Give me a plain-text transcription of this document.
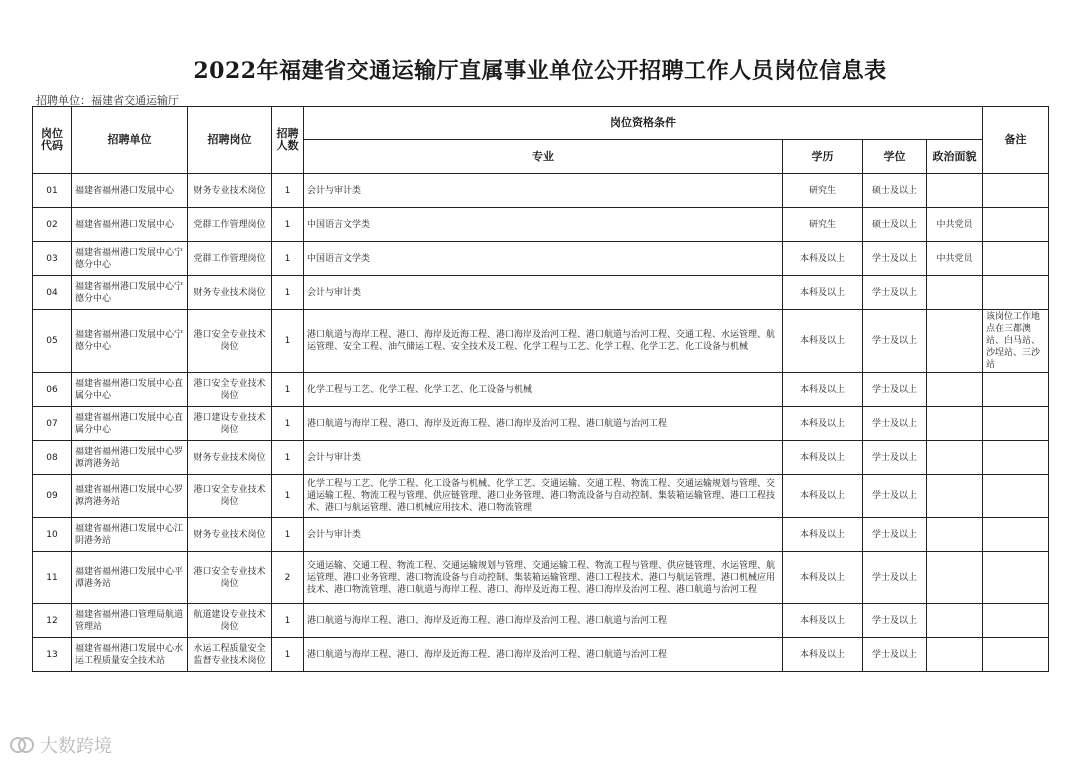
2022年福建省交通运输厅直属事业单位公开招聘工作人员岗位信息表
招聘单位：福建省交通运输厅
岗位代码	招聘单位	招聘岗位	招聘人数	岗位资格条件				备注
				专业	学历	学位	政治面貌	
01	福建省福州港口发展中心	财务专业技术岗位	1	会计与审计类	研究生	硕士及以上		
02	福建省福州港口发展中心	党群工作管理岗位	1	中国语言文学类	研究生	硕士及以上	中共党员	
03	福建省福州港口发展中心宁德分中心	党群工作管理岗位	1	中国语言文学类	本科及以上	学士及以上	中共党员	
04	福建省福州港口发展中心宁德分中心	财务专业技术岗位	1	会计与审计类	本科及以上	学士及以上		
05	福建省福州港口发展中心宁德分中心	港口安全专业技术岗位	1	港口航道与海岸工程、港口、海岸及近海工程、港口海岸及治河工程、港口航道与治河工程、交通工程、水运管理、航运管理、安全工程、油气储运工程、安全技术及工程、化学工程与工艺、化学工程、化学工艺、化工设备与机械	本科及以上	学士及以上		该岗位工作地点在三都澳站、白马站、沙埕站、三沙站
06	福建省福州港口发展中心直属分中心	港口安全专业技术岗位	1	化学工程与工艺、化学工程、化学工艺、化工设备与机械	本科及以上	学士及以上		
07	福建省福州港口发展中心直属分中心	港口建设专业技术岗位	1	港口航道与海岸工程、港口、海岸及近海工程、港口海岸及治河工程、港口航道与治河工程	本科及以上	学士及以上		
08	福建省福州港口发展中心罗源湾港务站	财务专业技术岗位	1	会计与审计类	本科及以上	学士及以上		
09	福建省福州港口发展中心罗源湾港务站	港口安全专业技术岗位	1	化学工程与工艺、化学工程、化工设备与机械、化学工艺、交通运输、交通工程、物流工程、交通运输规划与管理、交通运输工程、物流工程与管理、供应链管理、港口业务管理、港口物流设备与自动控制、集装箱运输管理、港口工程技术、港口与航运管理、港口机械应用技术、港口物流管理	本科及以上	学士及以上		
10	福建省福州港口发展中心江阴港务站	财务专业技术岗位	1	会计与审计类	本科及以上	学士及以上		
11	福建省福州港口发展中心平潭港务站	港口安全专业技术岗位	2	交通运输、交通工程、物流工程、交通运输规划与管理、交通运输工程、物流工程与管理、供应链管理、水运管理、航运管理、港口业务管理、港口物流设备与自动控制、集装箱运输管理、港口工程技术、港口与航运管理、港口机械应用技术、港口物流管理、港口航道与海岸工程、港口、海岸及近海工程、港口海岸及治河工程、港口航道与治河工程	本科及以上	学士及以上		
12	福建省福州港口管理局航道管理站	航道建设专业技术岗位	1	港口航道与海岸工程、港口、海岸及近海工程、港口海岸及治河工程、港口航道与治河工程	本科及以上	学士及以上		
13	福建省福州港口发展中心水运工程质量安全技术站	水运工程质量安全监督专业技术岗位	1	港口航道与海岸工程、港口、海岸及近海工程、港口海岸及治河工程、港口航道与治河工程	本科及以上	学士及以上		
大数跨境
